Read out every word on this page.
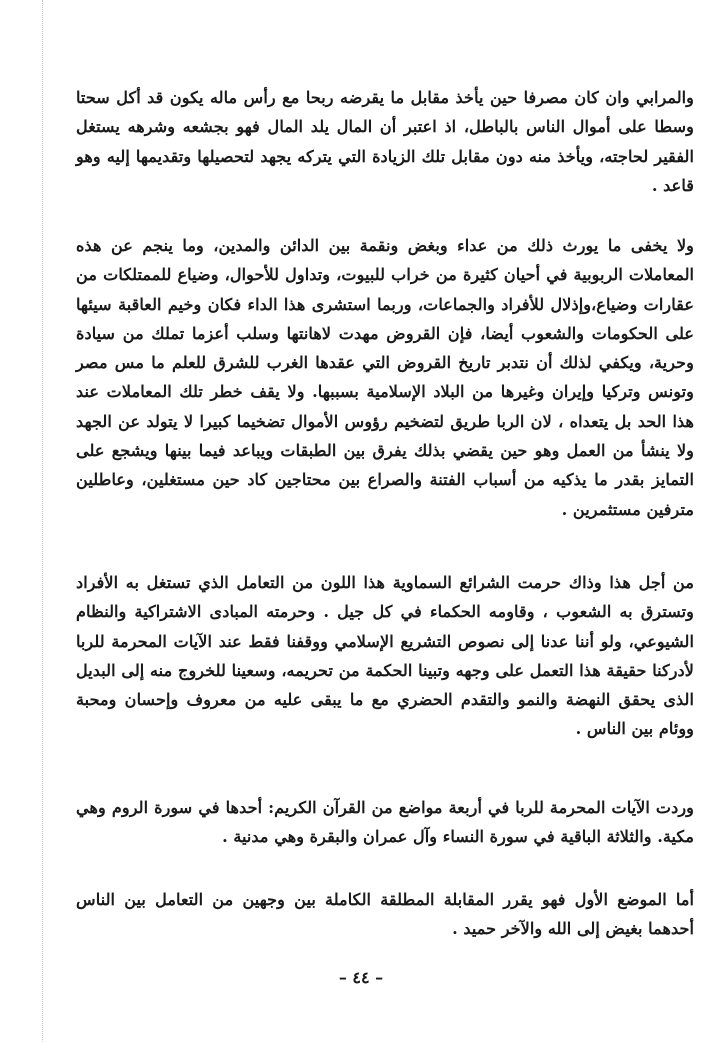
والمرابي وان كان مصرفا حين يأخذ مقابل ما يقرضه ربحا مع رأس ماله يكون قد أكل سحتا وسطا على أموال الناس بالباطل، اذ اعتبر أن المال يلد المال فهو بجشعه وشرهه يستغل الفقير لحاجته، ويأخذ منه دون مقابل تلك الزيادة التي يتركه يجهد لتحصيلها وتقديمها إليه وهو قاعد .

ولا يخفى ما يورث ذلك من عداء وبغض ونقمة بين الدائن والمدين، وما ينجم عن هذه المعاملات الربوبية في أحيان كثيرة من خراب للبيوت، وتداول للأحوال، وضياع للممتلكات من عقارات وضياع،وإذلال للأفراد والجماعات، وربما استشرى هذا الداء فكان وخيم العاقبة سيئها على الحكومات والشعوب أيضا، فإن القروض مهدت لاهانتها وسلب أعزما تملك من سيادة وحرية، ويكفي لذلك أن نتدبر تاريخ القروض التي عقدها الغرب للشرق للعلم ما مس مصر وتونس وتركيا وإيران وغيرها من البلاد الإسلامية بسببها. ولا يقف خطر تلك المعاملات عند هذا الحد بل يتعداه ، لان الربا طريق لتضخيم رؤوس الأموال تضخيما كبيرا لا يتولد عن الجهد ولا ينشأ من العمل وهو حين يقضي بذلك يفرق بين الطبقات ويباعد فيما بينها ويشجع على التمايز بقدر ما يذكيه من أسباب الفتنة والصراع بين محتاجين كاد حين مستغلين، وعاطلين مترفين مستثمرين .

من أجل هذا وذاك حرمت الشرائع السماوية هذا اللون من التعامل الذي تستغل به الأفراد وتسترق به الشعوب ، وقاومه الحكماء في كل جيل . وحرمته المبادى الاشتراكية والنظام الشيوعي، ولو أننا عدنا إلى نصوص التشريع الإسلامي ووقفنا فقط عند الآيات المحرمة للربا لأدركنا حقيقة هذا التعمل على وجهه وتبينا الحكمة من تحريمه، وسعينا للخروج منه إلى البديل الذى يحقق النهضة والنمو والتقدم الحضري مع ما يبقى عليه من معروف وإحسان ومحبة ووئام بين الناس .

وردت الآيات المحرمة للربا في أربعة مواضع من القرآن الكريم: أحدها في سورة الروم وهي مكية. والثلاثة الباقية في سورة النساء وآل عمران والبقرة وهي مدنية .

أما الموضع الأول فهو يقرر المقابلة المطلقة الكاملة بين وجهين من التعامل بين الناس أحدهما بغيض إلى الله والآخر حميد .

– ٤٤ –
